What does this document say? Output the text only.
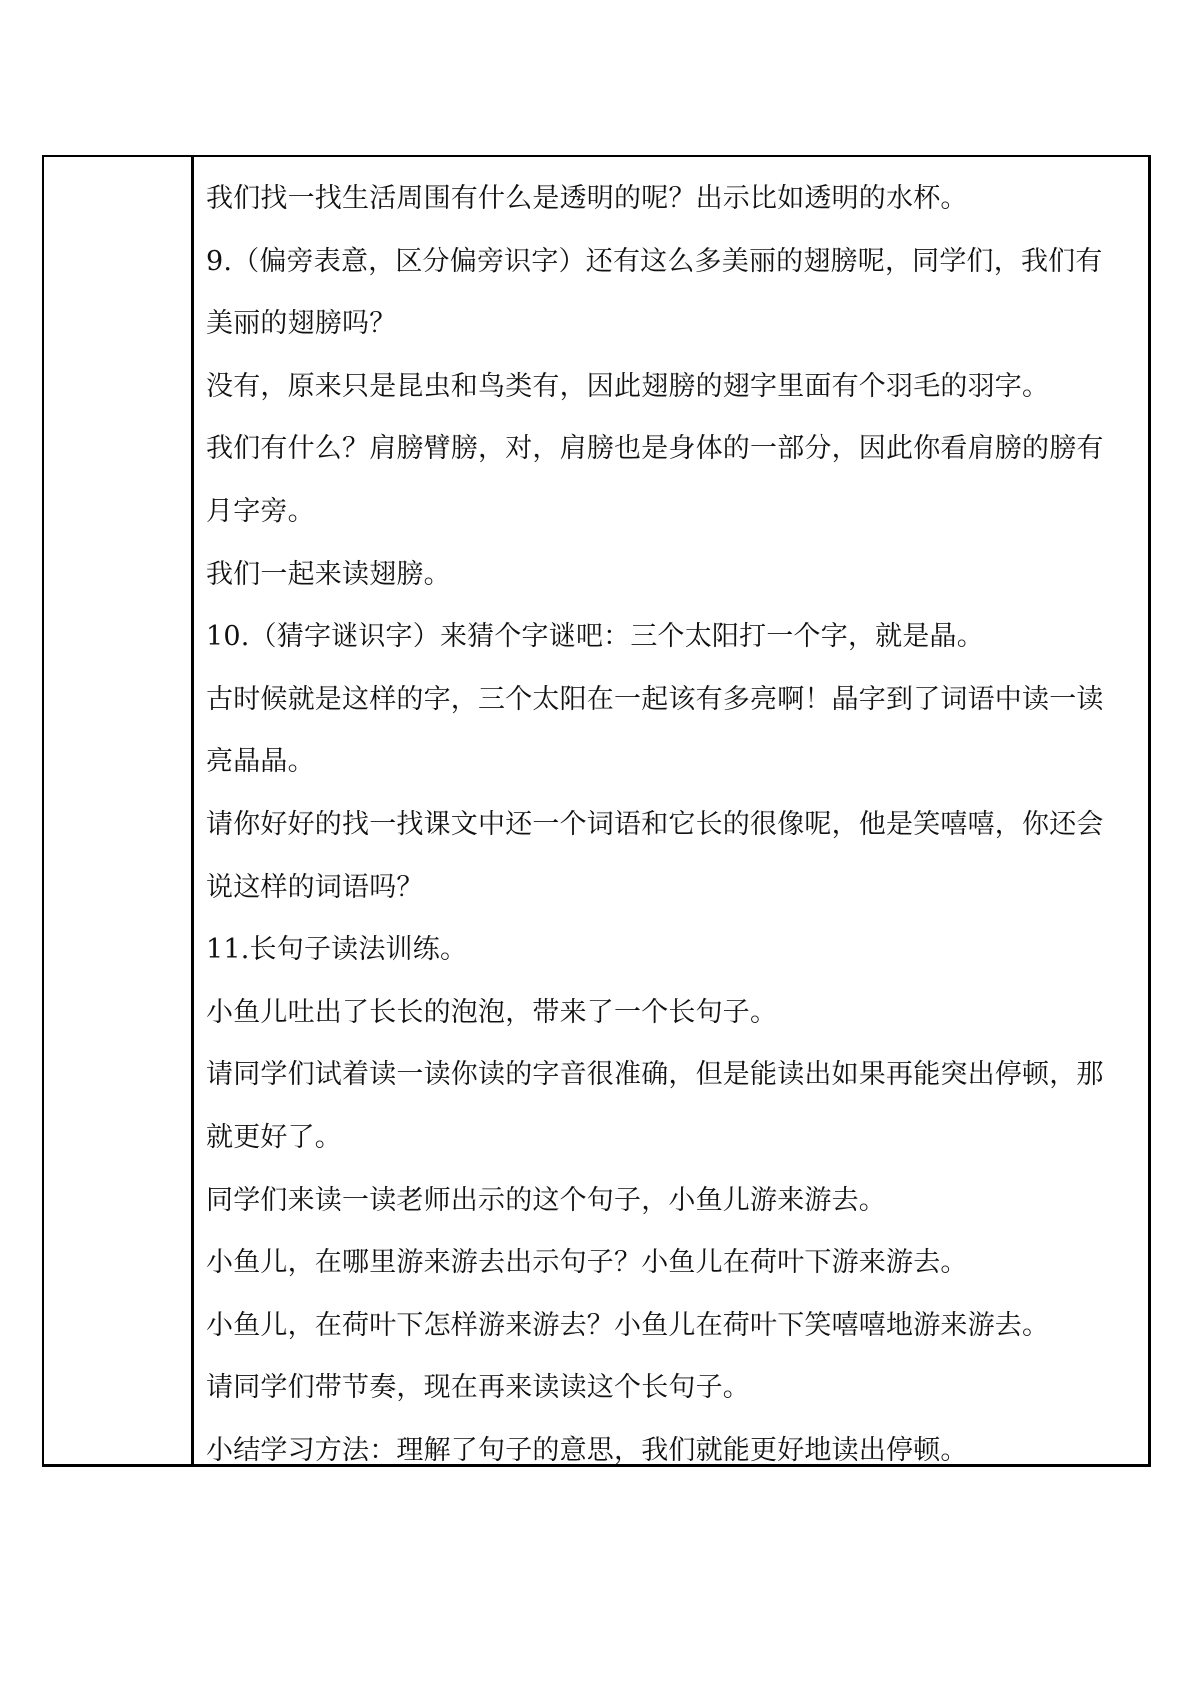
我们找一找生活周围有什么是透明的呢？出示比如透明的水杯。
9.（偏旁表意，区分偏旁识字）还有这么多美丽的翅膀呢，同学们，我们有
美丽的翅膀吗？
没有，原来只是昆虫和鸟类有，因此翅膀的翅字里面有个羽毛的羽字。
我们有什么？肩膀臂膀，对，肩膀也是身体的一部分，因此你看肩膀的膀有
月字旁。
我们一起来读翅膀。
10.（猜字谜识字）来猜个字谜吧：三个太阳打一个字，就是晶。
古时候就是这样的字，三个太阳在一起该有多亮啊！晶字到了词语中读一读
亮晶晶。
请你好好的找一找课文中还一个词语和它长的很像呢，他是笑嘻嘻，你还会
说这样的词语吗？
11.长句子读法训练。
小鱼儿吐出了长长的泡泡，带来了一个长句子。
请同学们试着读一读你读的字音很准确，但是能读出如果再能突出停顿，那
就更好了。
同学们来读一读老师出示的这个句子，小鱼儿游来游去。
小鱼儿，在哪里游来游去出示句子？小鱼儿在荷叶下游来游去。
小鱼儿，在荷叶下怎样游来游去？小鱼儿在荷叶下笑嘻嘻地游来游去。
请同学们带节奏，现在再来读读这个长句子。
小结学习方法：理解了句子的意思，我们就能更好地读出停顿。
